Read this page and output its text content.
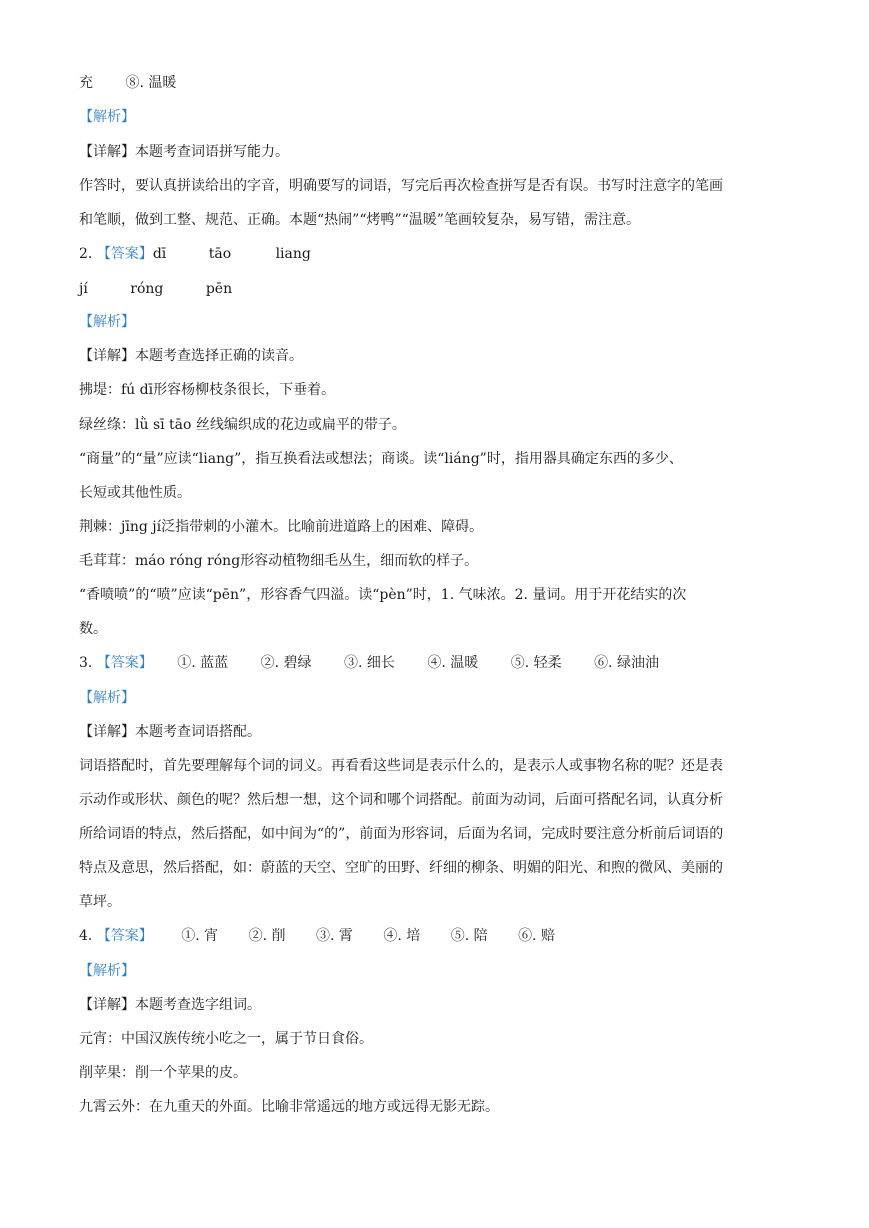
充 ⑧. 温暖
【解析】
【详解】本题考查词语拼写能力。
作答时，要认真拼读给出的字音，明确要写的词语，写完后再次检查拼写是否有误。书写时注意字的笔画
和笔顺，做到工整、规范、正确。本题“热闹”“烤鸭”“温暖”笔画较复杂，易写错，需注意。
2. 【答案】dī	tāo	liang
jí	róng	pēn
【解析】
【详解】本题考查选择正确的读音。
拂堤：fú dī形容杨柳枝条很长，下垂着。
绿丝绦：lǜ sī tāo 丝线编织成的花边或扁平的带子。
“商量”的“量”应读“liang”，指互换看法或想法；商谈。读“liáng”时，指用器具确定东西的多少、
长短或其他性质。
荆棘：jīng jí泛指带刺的小灌木。比喻前进道路上的困难、障碍。
毛茸茸：máo róng róng形容动植物细毛丛生，细而软的样子。
“香喷喷”的“喷”应读“pēn”，形容香气四溢。读“pèn”时，1. 气味浓。2. 量词。用于开花结实的次
数。
3. 【答案】 ①. 蓝蓝 ②. 碧绿 ③. 细长 ④. 温暖 ⑤. 轻柔 ⑥. 绿油油
【解析】
【详解】本题考查词语搭配。
词语搭配时，首先要理解每个词的词义。再看看这些词是表示什么的，是表示人或事物名称的呢？还是表
示动作或形状、颜色的呢？然后想一想，这个词和哪个词搭配。前面为动词，后面可搭配名词，认真分析
所给词语的特点，然后搭配，如中间为“的”，前面为形容词，后面为名词，完成时要注意分析前后词语的
特点及意思，然后搭配，如：蔚蓝的天空、空旷的田野、纤细的柳条、明媚的阳光、和煦的微风、美丽的
草坪。
4. 【答案】 ①. 宵 ②. 削 ③. 霄 ④. 培 ⑤. 陪 ⑥. 赔
【解析】
【详解】本题考查选字组词。
元宵：中国汉族传统小吃之一，属于节日食俗。
削苹果：削一个苹果的皮。
九霄云外：在九重天的外面。比喻非常遥远的地方或远得无影无踪。
